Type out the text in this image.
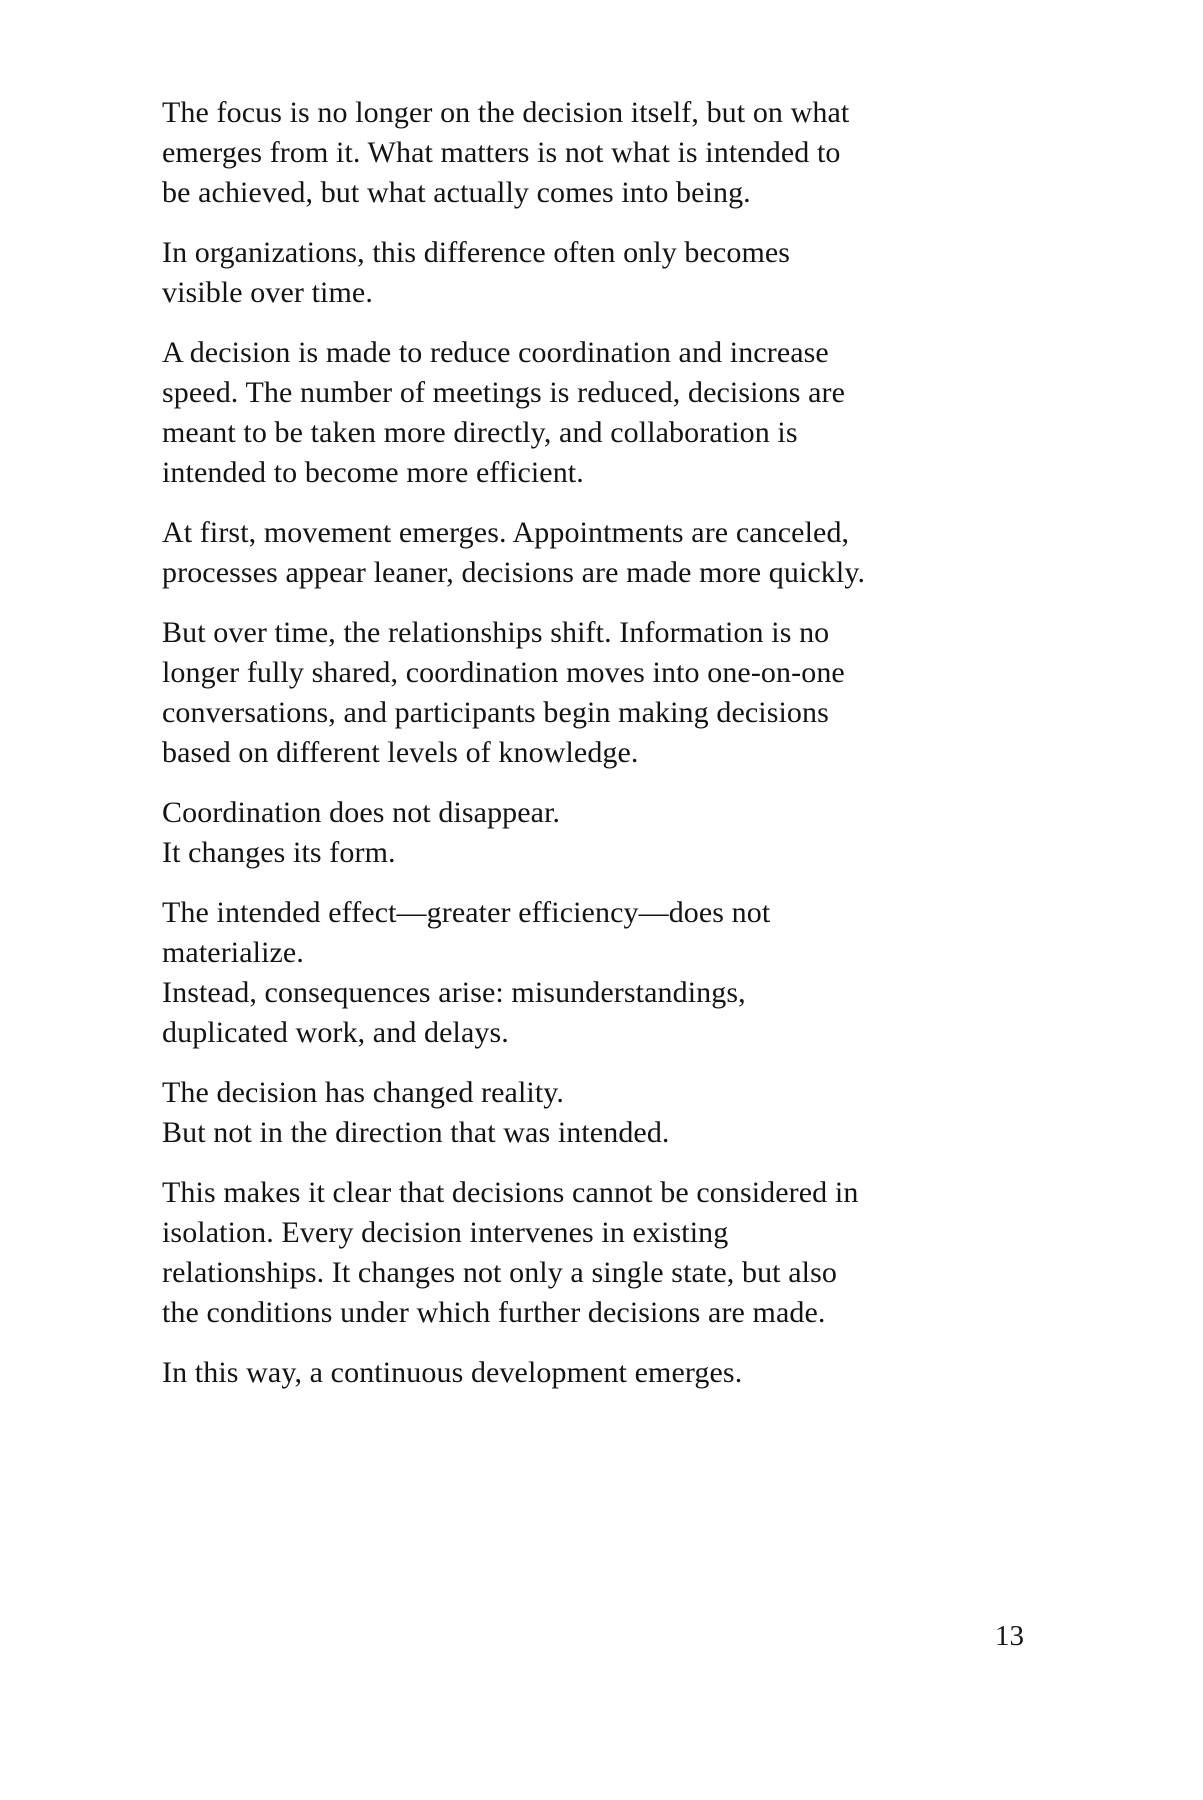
The focus is no longer on the decision itself, but on what
emerges from it. What matters is not what is intended to
be achieved, but what actually comes into being.

In organizations, this difference often only becomes
visible over time.

A decision is made to reduce coordination and increase
speed. The number of meetings is reduced, decisions are
meant to be taken more directly, and collaboration is
intended to become more efficient.

At first, movement emerges. Appointments are canceled,
processes appear leaner, decisions are made more quickly.

But over time, the relationships shift. Information is no
longer fully shared, coordination moves into one-on-one
conversations, and participants begin making decisions
based on different levels of knowledge.

Coordination does not disappear.
It changes its form.

The intended effect—greater efficiency—does not
materialize.
Instead, consequences arise: misunderstandings,
duplicated work, and delays.

The decision has changed reality.
But not in the direction that was intended.

This makes it clear that decisions cannot be considered in
isolation. Every decision intervenes in existing
relationships. It changes not only a single state, but also
the conditions under which further decisions are made.

In this way, a continuous development emerges.

13
